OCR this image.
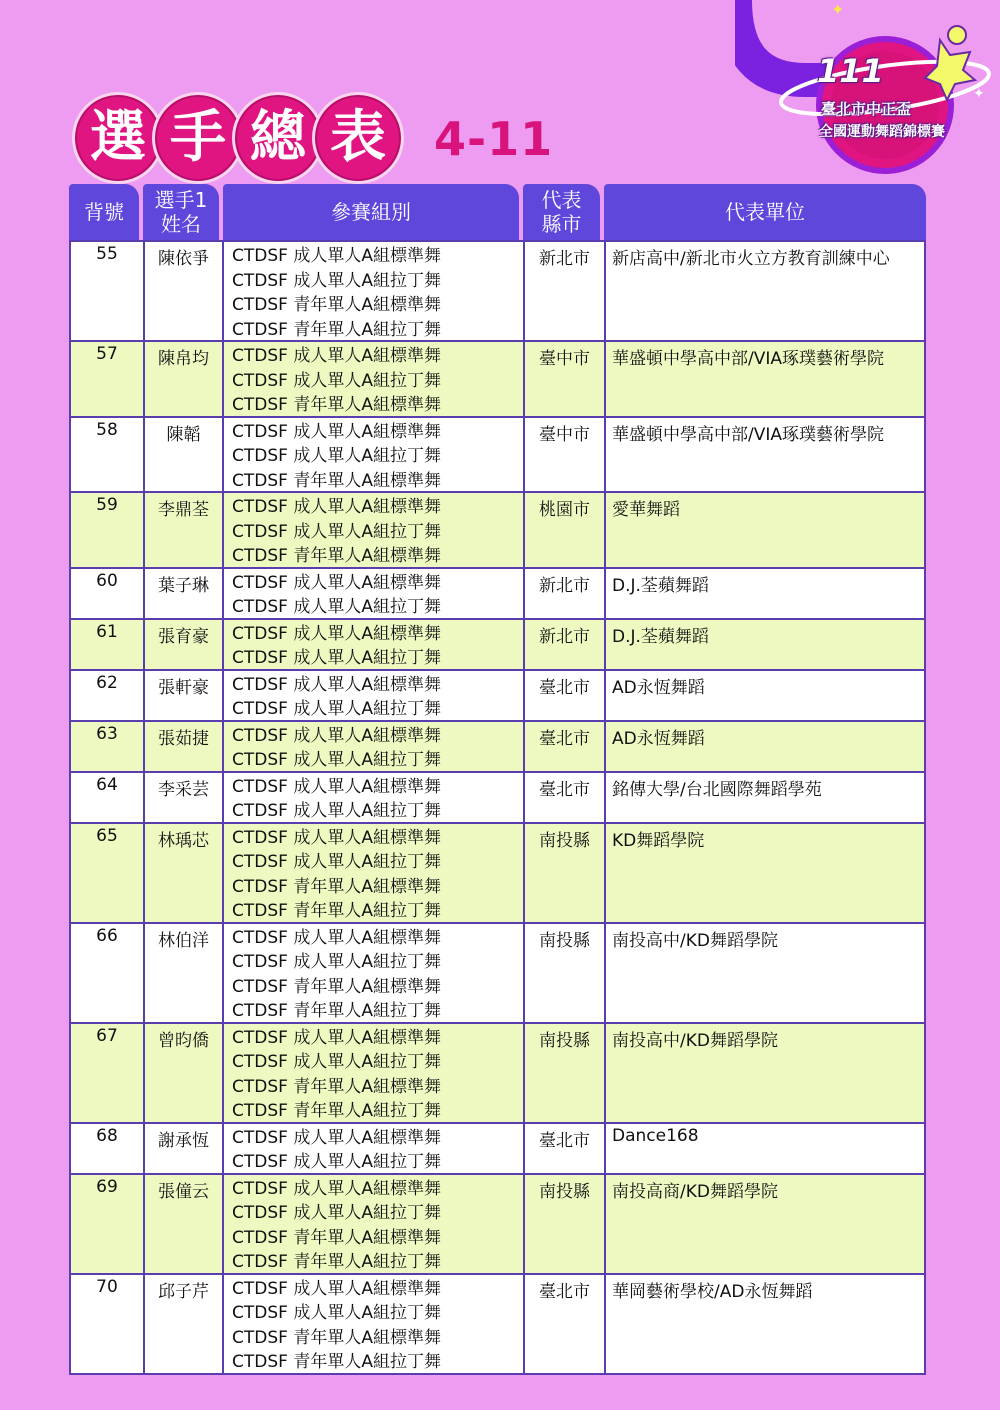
選 手 總 表	4-11
✦
✦
111
臺北市中正盃
全國運動舞蹈錦標賽
背號	選手1
姓名	參賽組別	代表
縣市	代表單位
55	陳依爭	CTDSF 成人單人A組標準舞
CTDSF 成人單人A組拉丁舞
CTDSF 青年單人A組標準舞
CTDSF 青年單人A組拉丁舞
新北市	新店高中/新北市火立方教育訓練中心
57	陳帛均	CTDSF 成人單人A組標準舞
CTDSF 成人單人A組拉丁舞
CTDSF 青年單人A組標準舞
臺中市	華盛頓中學高中部/VIA琢璞藝術學院
58	陳韜	CTDSF 成人單人A組標準舞
CTDSF 成人單人A組拉丁舞
CTDSF 青年單人A組標準舞
臺中市	華盛頓中學高中部/VIA琢璞藝術學院
59	李鼎荃	CTDSF 成人單人A組標準舞
CTDSF 成人單人A組拉丁舞
CTDSF 青年單人A組標準舞
桃園市	愛華舞蹈
60	葉子琳	CTDSF 成人單人A組標準舞
CTDSF 成人單人A組拉丁舞
新北市	D.J.荃蘋舞蹈
61	張育豪	CTDSF 成人單人A組標準舞
CTDSF 成人單人A組拉丁舞
新北市	D.J.荃蘋舞蹈
62	張軒豪	CTDSF 成人單人A組標準舞
CTDSF 成人單人A組拉丁舞
臺北市	AD永恆舞蹈
63	張茹捷	CTDSF 成人單人A組標準舞
CTDSF 成人單人A組拉丁舞
臺北市	AD永恆舞蹈
64	李采芸	CTDSF 成人單人A組標準舞
CTDSF 成人單人A組拉丁舞
臺北市	銘傳大學/台北國際舞蹈學苑
65	林瑀芯	CTDSF 成人單人A組標準舞
CTDSF 成人單人A組拉丁舞
CTDSF 青年單人A組標準舞
CTDSF 青年單人A組拉丁舞
南投縣	KD舞蹈學院
66	林伯洋	CTDSF 成人單人A組標準舞
CTDSF 成人單人A組拉丁舞
CTDSF 青年單人A組標準舞
CTDSF 青年單人A組拉丁舞
南投縣	南投高中/KD舞蹈學院
67	曾昀僑	CTDSF 成人單人A組標準舞
CTDSF 成人單人A組拉丁舞
CTDSF 青年單人A組標準舞
CTDSF 青年單人A組拉丁舞
南投縣	南投高中/KD舞蹈學院
68	謝承恆	CTDSF 成人單人A組標準舞
CTDSF 成人單人A組拉丁舞
臺北市	Dance168
69	張僮云	CTDSF 成人單人A組標準舞
CTDSF 成人單人A組拉丁舞
CTDSF 青年單人A組標準舞
CTDSF 青年單人A組拉丁舞
南投縣	南投高商/KD舞蹈學院
70	邱子芹	CTDSF 成人單人A組標準舞
CTDSF 成人單人A組拉丁舞
CTDSF 青年單人A組標準舞
CTDSF 青年單人A組拉丁舞
臺北市	華岡藝術學校/AD永恆舞蹈
